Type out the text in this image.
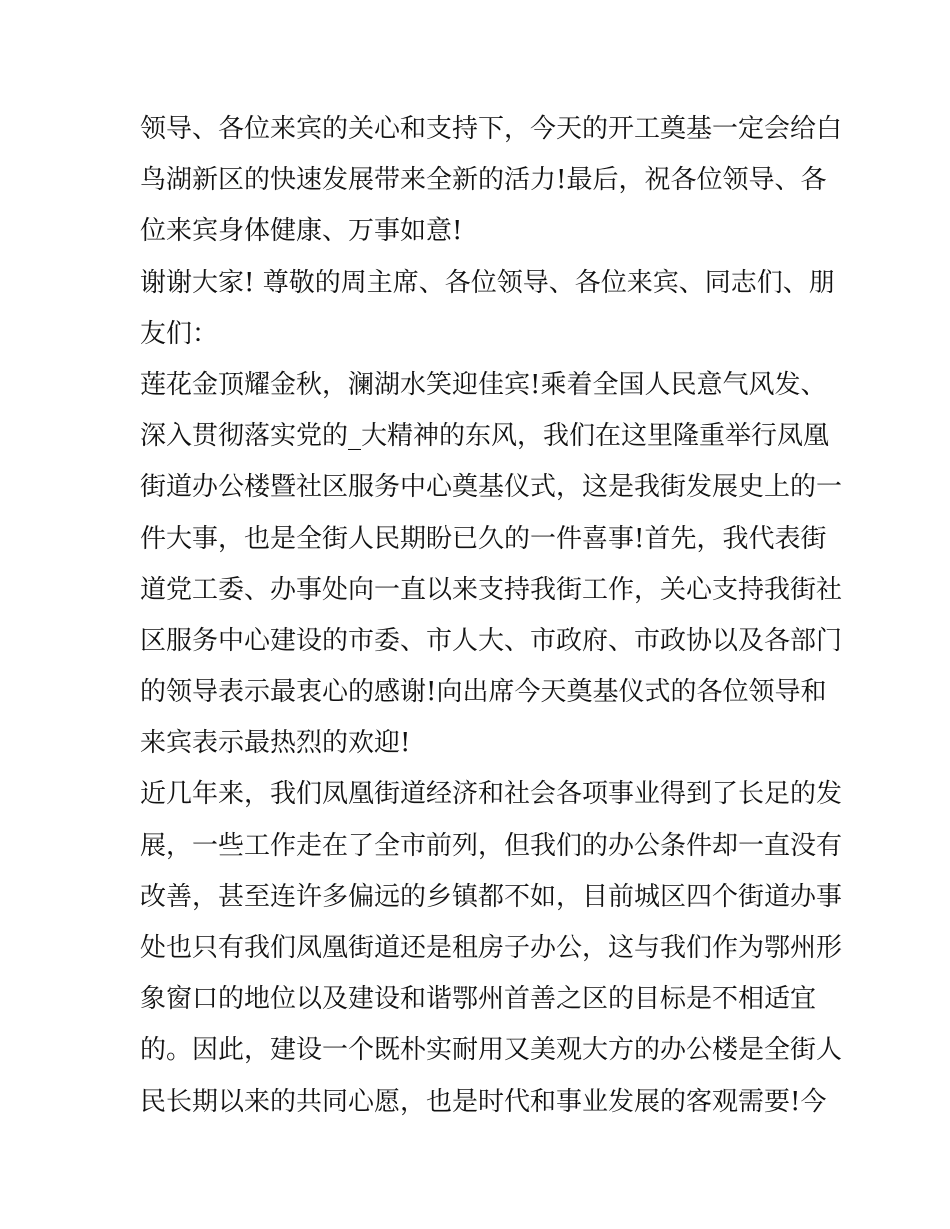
领导、各位来宾的关心和支持下，今天的开工奠基一定会给白
鸟湖新区的快速发展带来全新的活力!最后，祝各位领导、各
位来宾身体健康、万事如意!
谢谢大家! 尊敬的周主席、各位领导、各位来宾、同志们、朋
友们：
莲花金顶耀金秋，澜湖水笑迎佳宾!乘着全国人民意气风发、
深入贯彻落实党的_大精神的东风，我们在这里隆重举行凤凰
街道办公楼暨社区服务中心奠基仪式，这是我街发展史上的一
件大事，也是全街人民期盼已久的一件喜事!首先，我代表街
道党工委、办事处向一直以来支持我街工作，关心支持我街社
区服务中心建设的市委、市人大、市政府、市政协以及各部门
的领导表示最衷心的感谢!向出席今天奠基仪式的各位领导和
来宾表示最热烈的欢迎!
近几年来，我们凤凰街道经济和社会各项事业得到了长足的发
展，一些工作走在了全市前列，但我们的办公条件却一直没有
改善，甚至连许多偏远的乡镇都不如，目前城区四个街道办事
处也只有我们凤凰街道还是租房子办公，这与我们作为鄂州形
象窗口的地位以及建设和谐鄂州首善之区的目标是不相适宜
的。因此，建设一个既朴实耐用又美观大方的办公楼是全街人
民长期以来的共同心愿，也是时代和事业发展的客观需要!今
